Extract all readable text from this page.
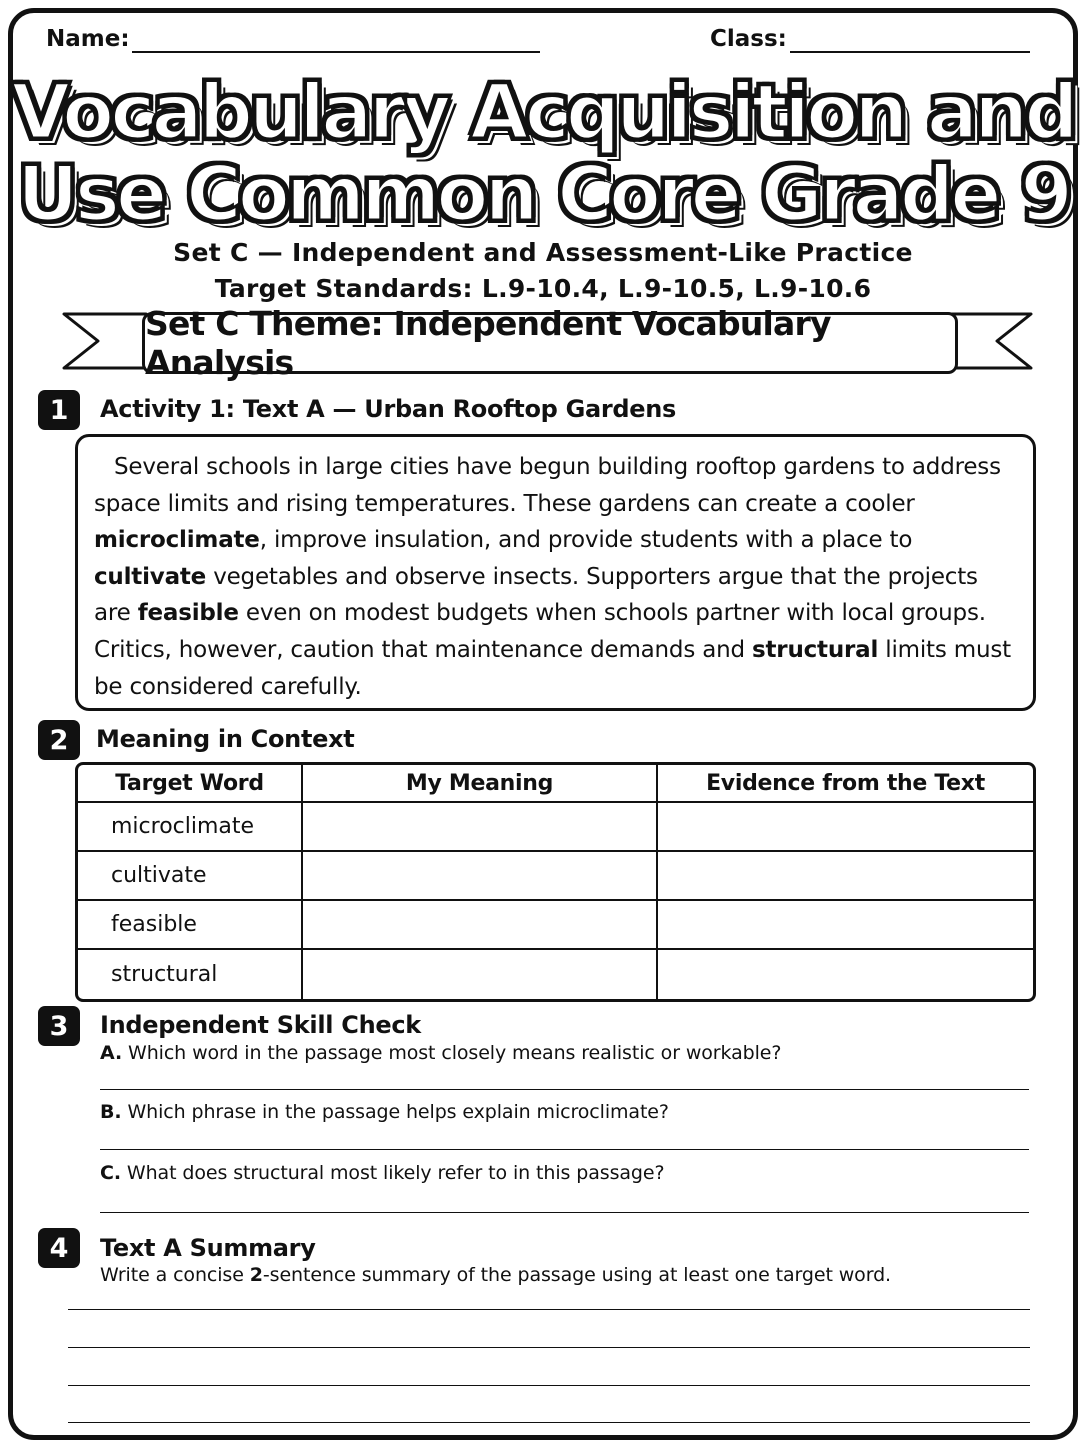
Name:	Class:
Vocabulary Acquisition and
Use Common Core Grade 9
Set C — Independent and Assessment-Like Practice
Target Standards: L.9-10.4, L.9-10.5, L.9-10.6
Set C Theme: Independent Vocabulary Analysis
1	Activity 1: Text A — Urban Rooftop Gardens
Several schools in large cities have begun building rooftop gardens to address space limits and rising temperatures. These gardens can create a cooler microclimate, improve insulation, and provide students with a place to cultivate vegetables and observe insects. Supporters argue that the projects are feasible even on modest budgets when schools partner with local groups. Critics, however, caution that maintenance demands and structural limits must be considered carefully.
2	Meaning in Context
Target Word	My Meaning	Evidence from the Text
microclimate		
cultivate		
feasible		
structural		
3	Independent Skill Check
A. Which word in the passage most closely means realistic or workable?
B. Which phrase in the passage helps explain microclimate?
C. What does structural most likely refer to in this passage?
4	Text A Summary
Write a concise 2-sentence summary of the passage using at least one target word.
